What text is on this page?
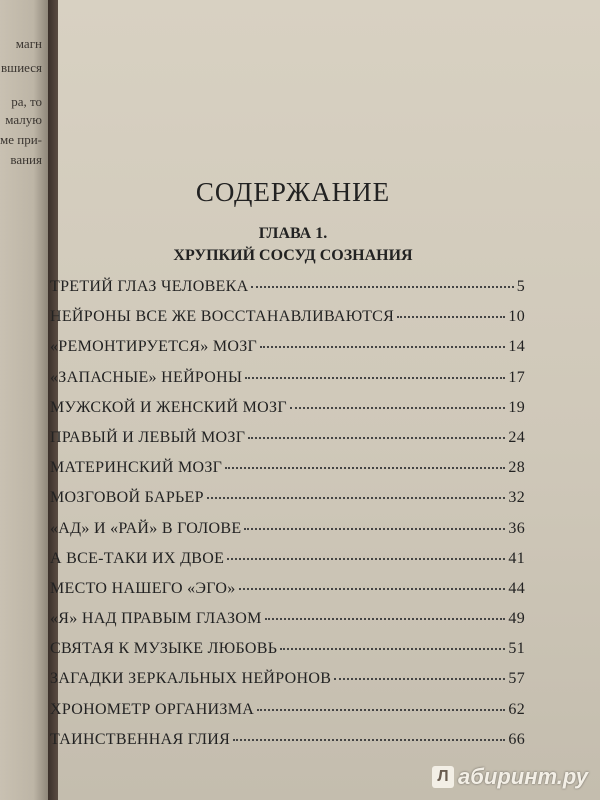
магн
вшиеся
ра, то
малую
ме при-
вания
СОДЕРЖАНИЕ
ГЛАВА 1.
ХРУПКИЙ СОСУД СОЗНАНИЯ
ТРЕТИЙ ГЛАЗ ЧЕЛОВЕКА	5
НЕЙРОНЫ ВСЕ ЖЕ ВОССТАНАВЛИВАЮТСЯ	10
«РЕМОНТИРУЕТСЯ» МОЗГ	14
«ЗАПАСНЫЕ» НЕЙРОНЫ	17
МУЖСКОЙ И ЖЕНСКИЙ МОЗГ	19
ПРАВЫЙ И ЛЕВЫЙ МОЗГ	24
МАТЕРИНСКИЙ МОЗГ	28
МОЗГОВОЙ БАРЬЕР	32
«АД» И «РАЙ» В ГОЛОВЕ	36
А ВСЕ-ТАКИ ИХ ДВОЕ	41
МЕСТО НАШЕГО «ЭГО»	44
«Я» НАД ПРАВЫМ ГЛАЗОМ	49
СВЯТАЯ К МУЗЫКЕ ЛЮБОВЬ	51
ЗАГАДКИ ЗЕРКАЛЬНЫХ НЕЙРОНОВ	57
ХРОНОМЕТР ОРГАНИЗМА	62
ТАИНСТВЕННАЯ ГЛИЯ	66
Л абиринт.ру
